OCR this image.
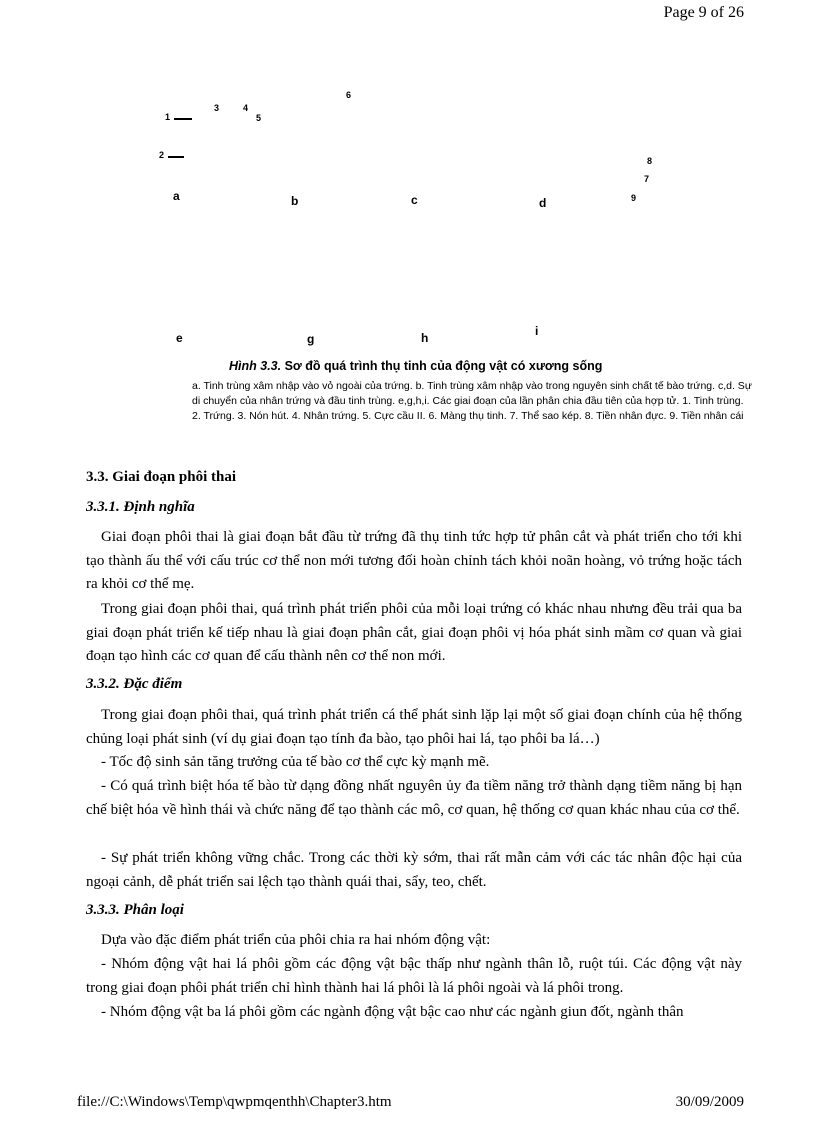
Page 9 of 26
1
3	4
5
6
2
8
7
9
a	b	c	d
e	g	h	i
Hình 3.3. Sơ đồ quá trình thụ tinh của động vật có xương sống
a. Tinh trùng xâm nhập vào vỏ ngoài của trứng. b. Tinh trùng xâm nhập vào trong nguyên sinh chất tế bào trứng. c,d. Sự di chuyển của nhân trứng và đầu tinh trùng. e,g,h,i. Các giai đoạn của lần phân chia đầu tiên của hợp tử. 1. Tinh trùng. 2. Trứng. 3. Nón hút. 4. Nhân trứng. 5. Cực cầu II. 6. Màng thụ tinh. 7. Thể sao kép. 8. Tiền nhân đực. 9. Tiền nhân cái
3.3. Giai đoạn phôi thai
3.3.1. Định nghĩa

Giai đoạn phôi thai là giai đoạn bắt đầu từ trứng đã thụ tinh tức hợp tử phân cắt và phát triển cho tới khi tạo thành ấu thể với cấu trúc cơ thể non mới tương đối hoàn chỉnh tách khỏi noãn hoàng, vỏ trứng hoặc tách ra khỏi cơ thể mẹ.

Trong giai đoạn phôi thai, quá trình phát triển phôi của mỗi loại trứng có khác nhau nhưng đều trải qua ba giai đoạn phát triển kế tiếp nhau là giai đoạn phân cắt, giai đoạn phôi vị hóa phát sinh mầm cơ quan và giai đoạn tạo hình các cơ quan để cấu thành nên cơ thể non mới.

3.3.2. Đặc điểm

Trong giai đoạn phôi thai, quá trình phát triển cá thể phát sinh lặp lại một số giai đoạn chính của hệ thống chủng loại phát sinh (ví dụ giai đoạn tạo tính đa bào, tạo phôi hai lá, tạo phôi ba lá…)

- Tốc độ sinh sản tăng trưởng của tế bào cơ thể cực kỳ mạnh mẽ.

- Có quá trình biệt hóa tế bào từ dạng đồng nhất nguyên ủy đa tiềm năng trở thành dạng tiềm năng bị hạn chế biệt hóa về hình thái và chức năng để tạo thành các mô, cơ quan, hệ thống cơ quan khác nhau của cơ thể.

- Sự phát triển không vững chắc. Trong các thời kỳ sớm, thai rất mẫn cảm với các tác nhân độc hại của ngoại cảnh, dễ phát triển sai lệch tạo thành quái thai, sẩy, teo, chết.

3.3.3. Phân loại

Dựa vào đặc điểm phát triển của phôi chia ra hai nhóm động vật:

- Nhóm động vật hai lá phôi gồm các động vật bậc thấp như ngành thân lỗ, ruột túi. Các động vật này trong giai đoạn phôi phát triển chỉ hình thành hai lá phôi là lá phôi ngoài và lá phôi trong.

- Nhóm động vật ba lá phôi gồm các ngành động vật bậc cao như các ngành giun đốt, ngành thân

file://C:\Windows\Temp\qwpmqenthh\Chapter3.htm	30/09/2009
